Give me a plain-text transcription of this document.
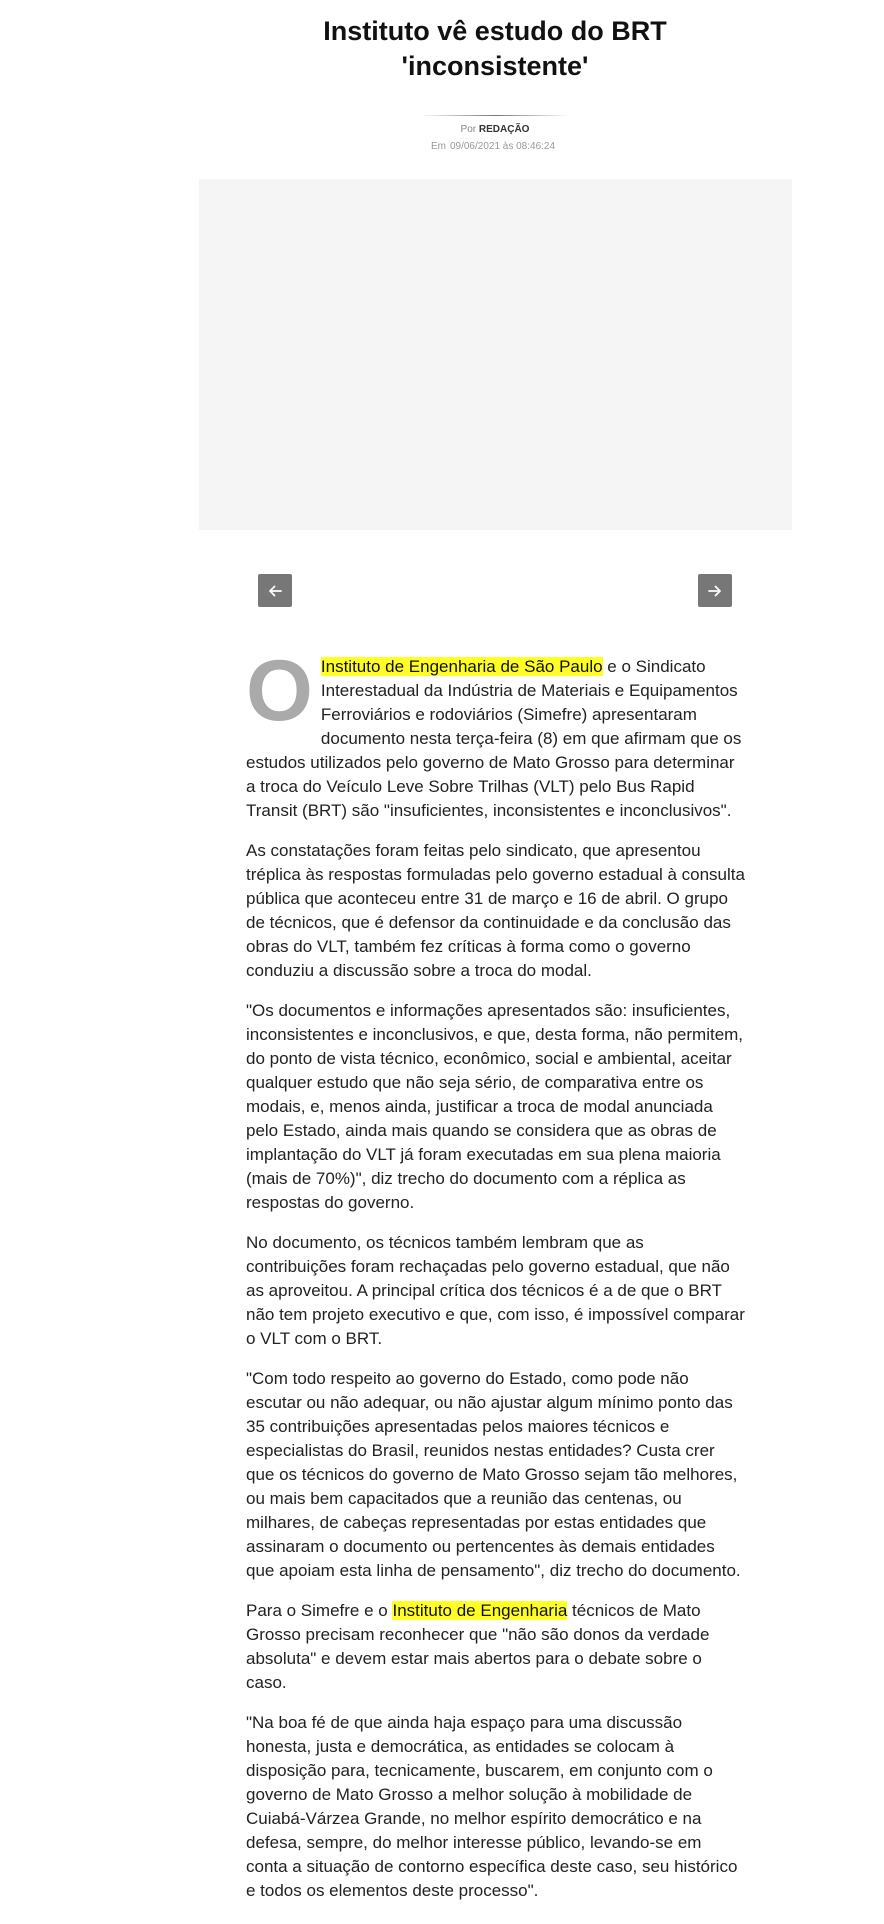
Instituto vê estudo do BRT 'inconsistente'
Por REDAÇÃO
Em 09/06/2021 às 08:46:24

O Instituto de Engenharia de São Paulo e o Sindicato Interestadual da Indústria de Materiais e Equipamentos Ferroviários e rodoviários (Simefre) apresentaram documento nesta terça-feira (8) em que afirmam que os estudos utilizados pelo governo de Mato Grosso para determinar a troca do Veículo Leve Sobre Trilhas (VLT) pelo Bus Rapid Transit (BRT) são "insuficientes, inconsistentes e inconclusivos".

As constatações foram feitas pelo sindicato, que apresentou tréplica às respostas formuladas pelo governo estadual à consulta pública que aconteceu entre 31 de março e 16 de abril. O grupo de técnicos, que é defensor da continuidade e da conclusão das obras do VLT, também fez críticas à forma como o governo conduziu a discussão sobre a troca do modal.

"Os documentos e informações apresentados são: insuficientes, inconsistentes e inconclusivos, e que, desta forma, não permitem, do ponto de vista técnico, econômico, social e ambiental, aceitar qualquer estudo que não seja sério, de comparativa entre os modais, e, menos ainda, justificar a troca de modal anunciada pelo Estado, ainda mais quando se considera que as obras de implantação do VLT já foram executadas em sua plena maioria (mais de 70%)", diz trecho do documento com a réplica as respostas do governo.

No documento, os técnicos também lembram que as contribuições foram rechaçadas pelo governo estadual, que não as aproveitou. A principal crítica dos técnicos é a de que o BRT não tem projeto executivo e que, com isso, é impossível comparar o VLT com o BRT.

"Com todo respeito ao governo do Estado, como pode não escutar ou não adequar, ou não ajustar algum mínimo ponto das 35 contribuições apresentadas pelos maiores técnicos e especialistas do Brasil, reunidos nestas entidades? Custa crer que os técnicos do governo de Mato Grosso sejam tão melhores, ou mais bem capacitados que a reunião das centenas, ou milhares, de cabeças representadas por estas entidades que assinaram o documento ou pertencentes às demais entidades que apoiam esta linha de pensamento", diz trecho do documento.

Para o Simefre e o Instituto de Engenharia técnicos de Mato Grosso precisam reconhecer que "não são donos da verdade absoluta" e devem estar mais abertos para o debate sobre o caso.

"Na boa fé de que ainda haja espaço para uma discussão honesta, justa e democrática, as entidades se colocam à disposição para, tecnicamente, buscarem, em conjunto com o governo de Mato Grosso a melhor solução à mobilidade de Cuiabá-Várzea Grande, no melhor espírito democrático e na defesa, sempre, do melhor interesse público, levando-se em conta a situação de contorno específica deste caso, seu histórico e todos os elementos deste processo".
